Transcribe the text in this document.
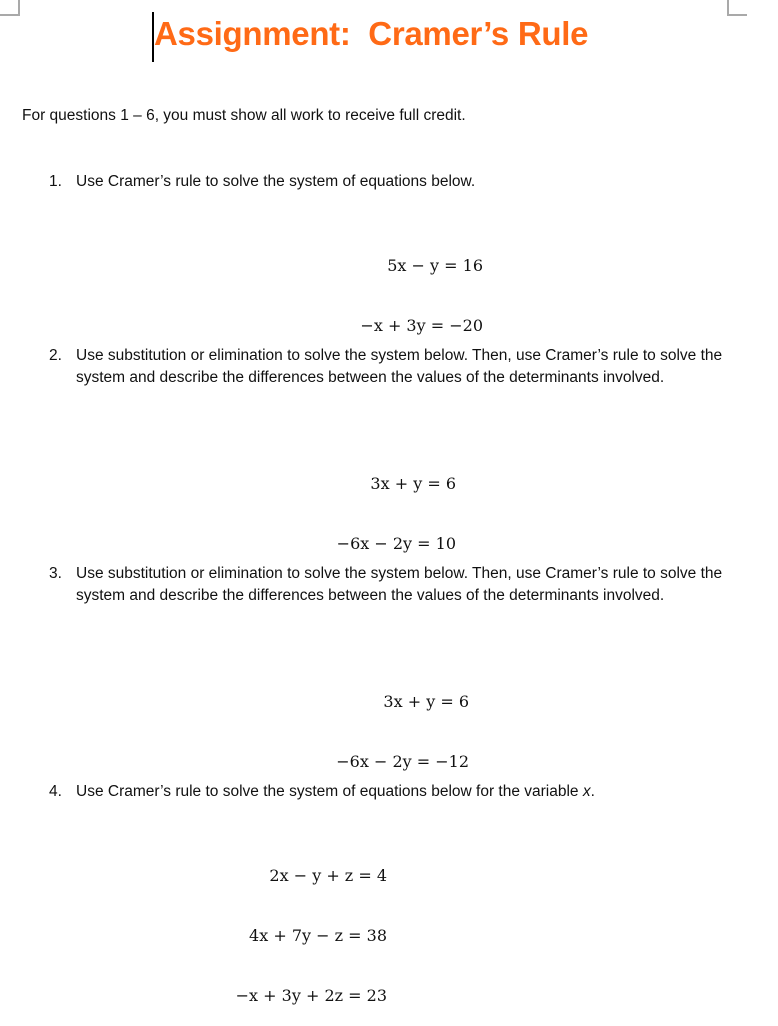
Assignment:  Cramer’s Rule
For questions 1 – 6, you must show all work to receive full credit.
1. Use Cramer’s rule to solve the system of equations below.

5x − y = 16

−x + 3y = −20

2. Use substitution or elimination to solve the system below. Then, use Cramer’s rule to solve the system and describe the differences between the values of the determinants involved.

3x + y = 6

−6x − 2y = 10

3. Use substitution or elimination to solve the system below. Then, use Cramer’s rule to solve the system and describe the differences between the values of the determinants involved.

3x + y = 6

−6x − 2y = −12

4. Use Cramer’s rule to solve the system of equations below for the variable x.

2x − y + z = 4

4x + 7y − z = 38

−x + 3y + 2z = 23
